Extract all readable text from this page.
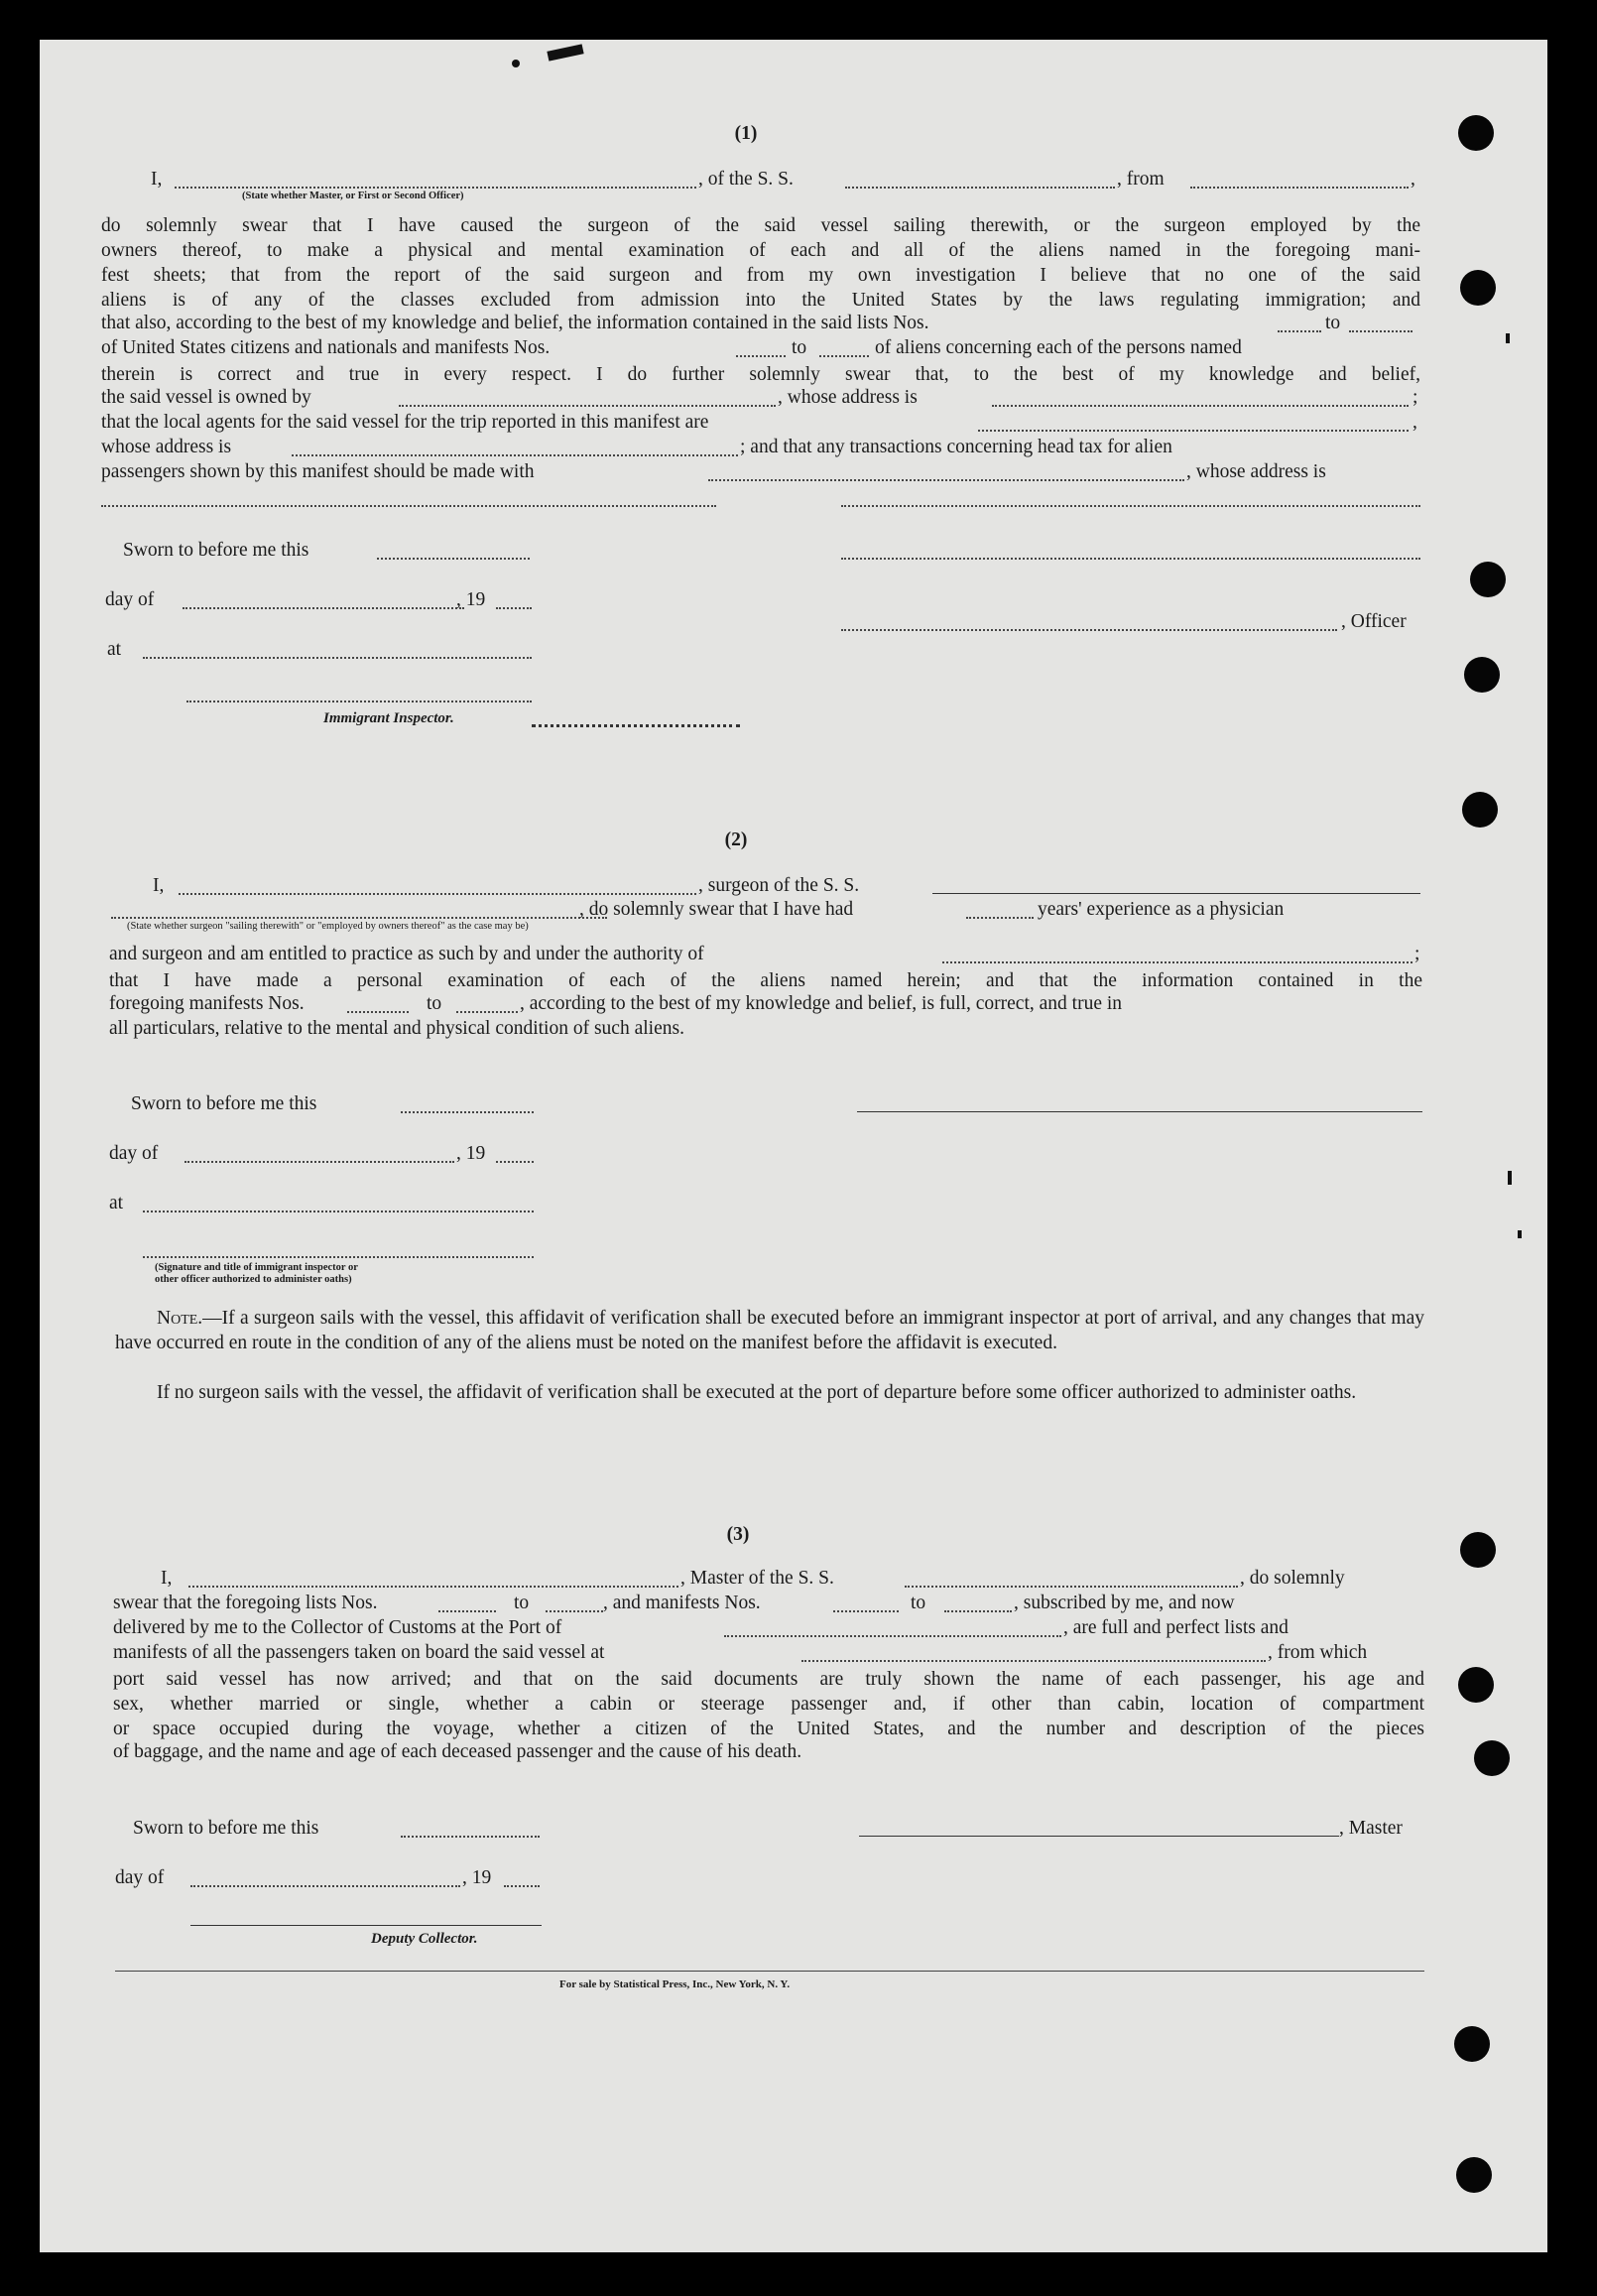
(1)
I,
(State whether Master, or First or Second Officer)
, of the S. S.	, from	,
do solemnly swear that I have caused the surgeon of the said vessel sailing therewith, or the surgeon employed by the
owners thereof, to make a physical and mental examination of each and all of the aliens named in the foregoing mani-
fest sheets; that from the report of the said surgeon and from my own investigation I believe that no one of the said
aliens is of any of the classes excluded from admission into the United States by the laws regulating immigration; and
that also, according to the best of my knowledge and belief, the information contained in the said lists Nos.	to
of United States citizens and nationals and manifests Nos.	to	of aliens concerning each of the persons named
therein is correct and true in every respect. I do further solemnly swear that, to the best of my knowledge and belief,
the said vessel is owned by	, whose address is	;
that the local agents for the said vessel for the trip reported in this manifest are	,
whose address is	; and that any transactions concerning head tax for alien
passengers shown by this manifest should be made with	, whose address is
Sworn to before me this
day of	, 19
, Officer
at
Immigrant Inspector.
(2)
I,	, surgeon of the S. S.
, do solemnly swear that I have had	years' experience as a physician
(State whether surgeon "sailing therewith" or "employed by owners thereof" as the case may be)
and surgeon and am entitled to practice as such by and under the authority of	;
that I have made a personal examination of each of the aliens named herein; and that the information contained in the
foregoing manifests Nos.	to	, according to the best of my knowledge and belief, is full, correct, and true in
all particulars, relative to the mental and physical condition of such aliens.
Sworn to before me this
day of	, 19
at
(Signature and title of immigrant inspector or
other officer authorized to administer oaths)
Note.—If a surgeon sails with the vessel, this affidavit of verification shall be executed before an immigrant inspector at port of arrival, and any changes that may have occurred en route in the condition of any of the aliens must be noted on the manifest before the affidavit is executed.
If no surgeon sails with the vessel, the affidavit of verification shall be executed at the port of departure before some officer authorized to administer oaths.
(3)
I,	, Master of the S. S.	, do solemnly
swear that the foregoing lists Nos.	to	, and manifests Nos.	to	, subscribed by me, and now
delivered by me to the Collector of Customs at the Port of	, are full and perfect lists and
manifests of all the passengers taken on board the said vessel at	, from which
port said vessel has now arrived; and that on the said documents are truly shown the name of each passenger, his age and
sex, whether married or single, whether a cabin or steerage passenger and, if other than cabin, location of compartment
or space occupied during the voyage, whether a citizen of the United States, and the number and description of the pieces
of baggage, and the name and age of each deceased passenger and the cause of his death.
Sworn to before me this	, Master
day of	, 19
Deputy Collector.
For sale by Statistical Press, Inc., New York, N. Y.
